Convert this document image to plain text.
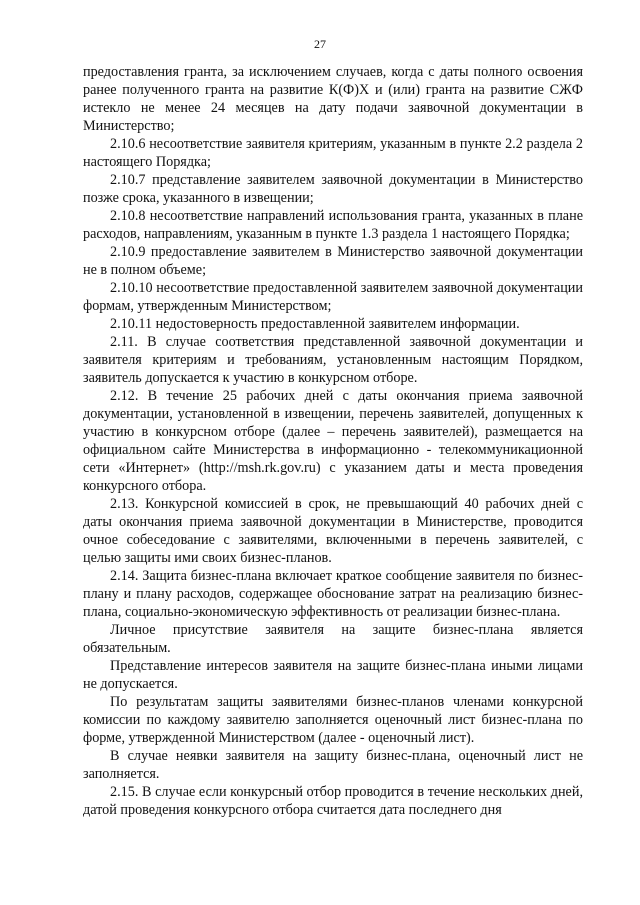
27

предоставления гранта, за исключением случаев, когда с даты полного освоения ранее полученного гранта на развитие К(Ф)Х и (или) гранта на развитие СЖФ истекло не менее 24 месяцев на дату подачи заявочной документации в Министерство;

2.10.6 несоответствие заявителя критериям, указанным в пункте 2.2 раздела 2 настоящего Порядка;

2.10.7 представление заявителем заявочной документации в Министерство позже срока, указанного в извещении;

2.10.8 несоответствие направлений использования гранта, указанных в плане расходов, направлениям, указанным в пункте 1.3 раздела 1 настоящего Порядка;

2.10.9 предоставление заявителем в Министерство заявочной документации не в полном объеме;

2.10.10 несоответствие предоставленной заявителем заявочной документации формам, утвержденным Министерством;

2.10.11 недостоверность предоставленной заявителем информации.

2.11. В случае соответствия представленной заявочной документации и заявителя критериям и требованиям, установленным настоящим Порядком, заявитель допускается к участию в конкурсном отборе.

2.12. В течение 25 рабочих дней с даты окончания приема заявочной документации, установленной в извещении, перечень заявителей, допущенных к участию в конкурсном отборе (далее – перечень заявителей), размещается на официальном сайте Министерства в информационно - телекоммуникационной сети «Интернет» (http://msh.rk.gov.ru) с указанием даты и места проведения конкурсного отбора.

2.13. Конкурсной комиссией в срок, не превышающий 40 рабочих дней с даты окончания приема заявочной документации в Министерстве, проводится очное собеседование с заявителями, включенными в перечень заявителей, с целью защиты ими своих бизнес-планов.

2.14. Защита бизнес-плана включает краткое сообщение заявителя по бизнес-плану и плану расходов, содержащее обоснование затрат на реализацию бизнес-плана, социально-экономическую эффективность от реализации бизнес-плана.

Личное присутствие заявителя на защите бизнес-плана является обязательным.

Представление интересов заявителя на защите бизнес-плана иными лицами не допускается.

По результатам защиты заявителями бизнес-планов членами конкурсной комиссии по каждому заявителю заполняется оценочный лист бизнес-плана по форме, утвержденной Министерством (далее - оценочный лист).

В случае неявки заявителя на защиту бизнес-плана, оценочный лист не заполняется.

2.15. В случае если конкурсный отбор проводится в течение нескольких дней, датой проведения конкурсного отбора считается дата последнего дня
